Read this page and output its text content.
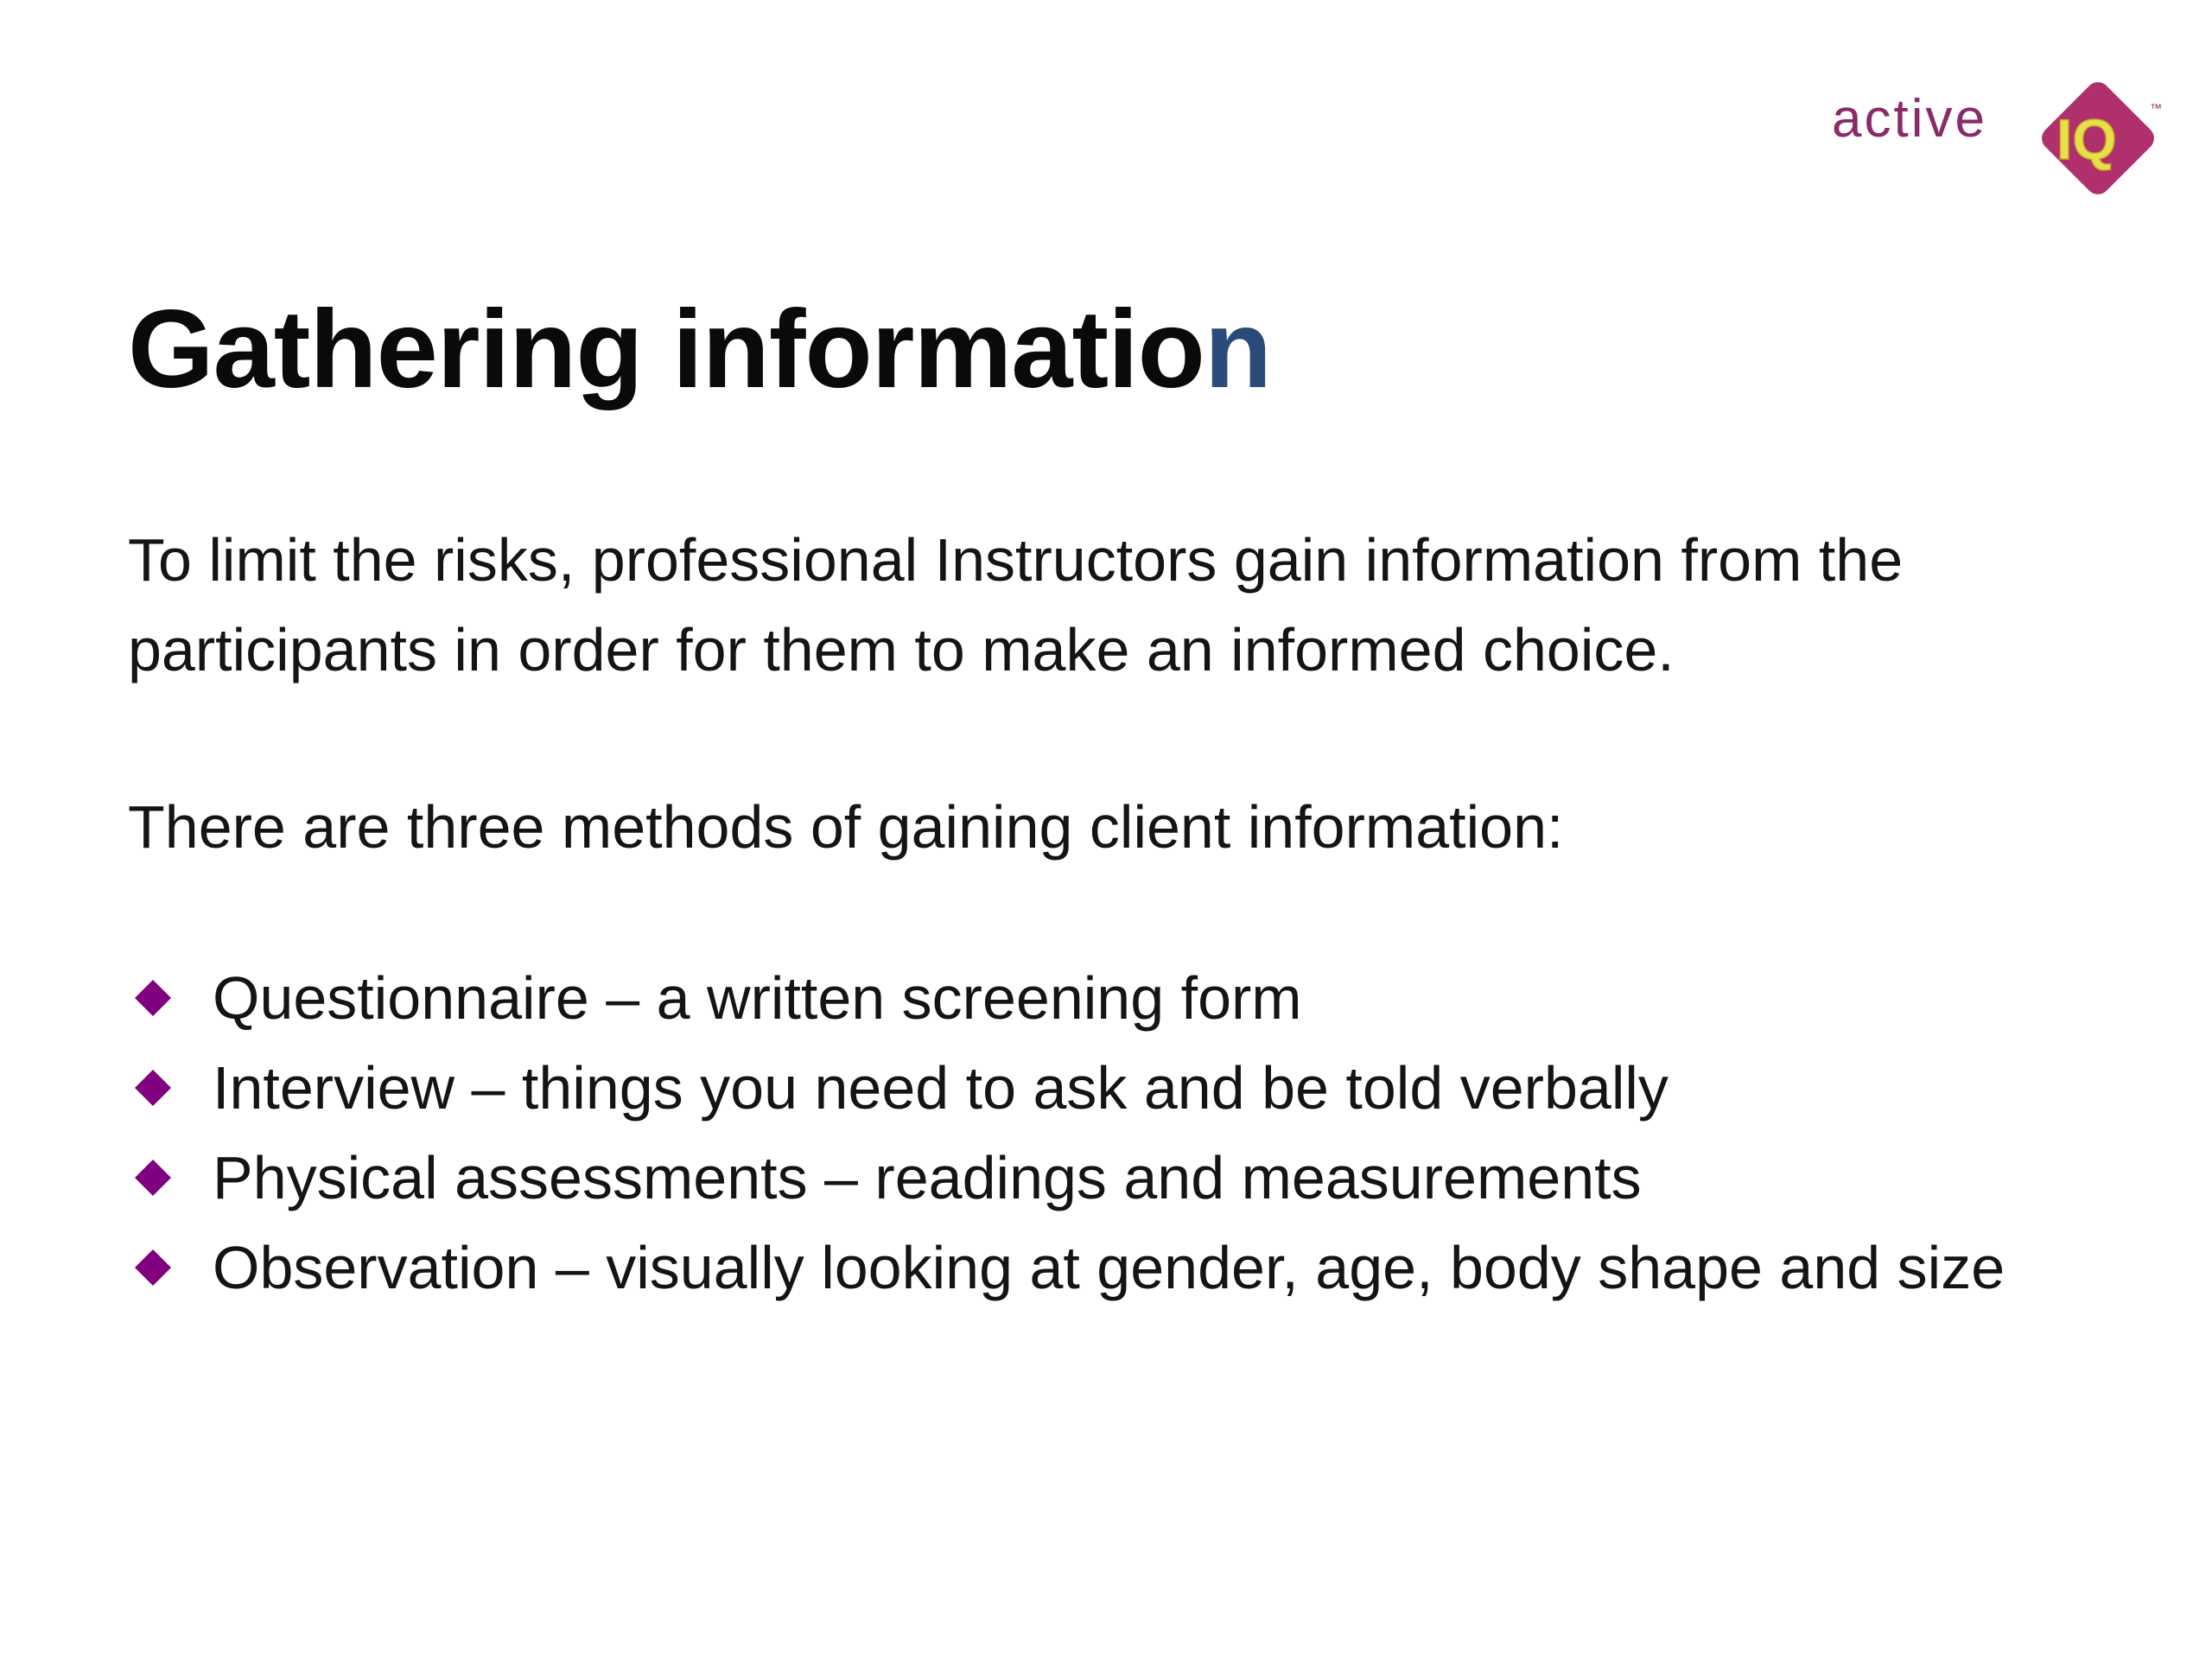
active IQ	™
Gathering information

To limit the risks, professional Instructors gain information from the participants in order for them to make an informed choice.

There are three methods of gaining client information:

Questionnaire – a written screening form
Interview – things you need to ask and be told verbally
Physical assessments – readings and measurements
Observation – visually looking at gender, age, body shape and size
